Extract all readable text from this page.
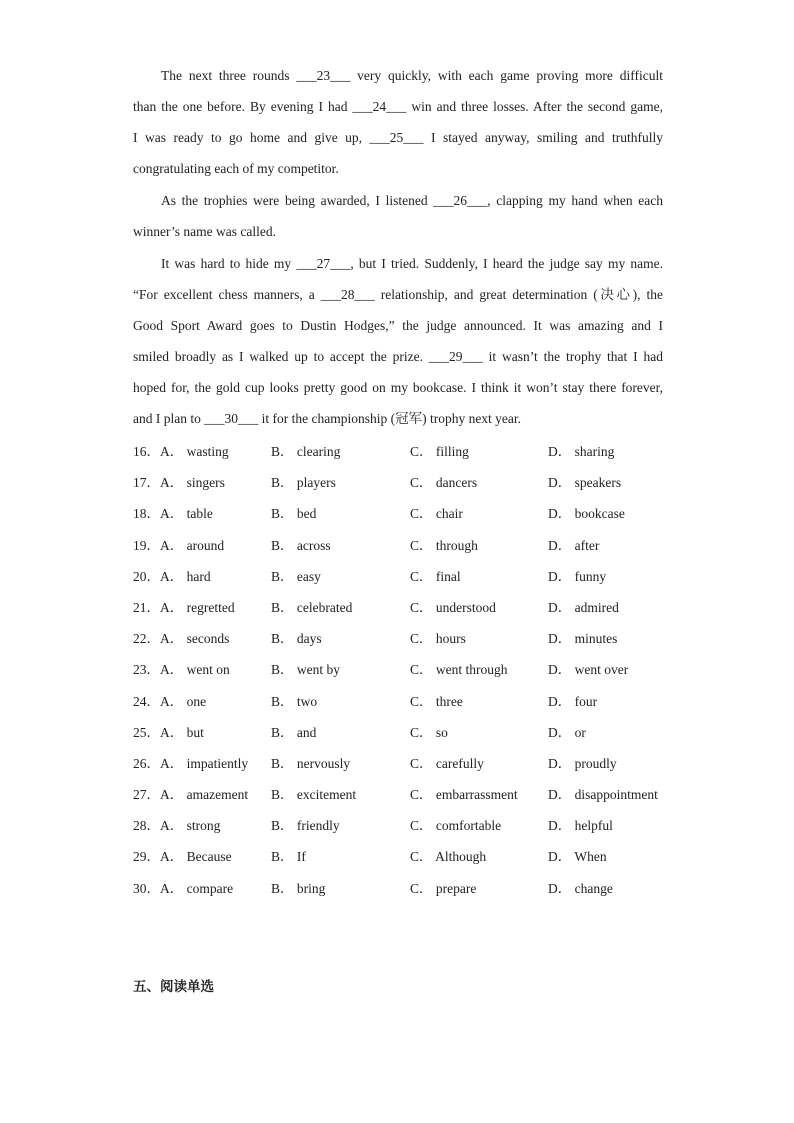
The next three rounds ___23___ very quickly, with each game proving more difficult
than the one before. By evening I had ___24___ win and three losses. After the second game,
I was ready to go home and give up, ___25___ I stayed anyway, smiling and truthfully
congratulating each of my competitor.
As the trophies were being awarded, I listened ___26___, clapping my hand when each
winner’s name was called.
It was hard to hide my ___27___, but I tried. Suddenly, I heard the judge say my name.
“For excellent chess manners, a ___28___ relationship, and great determination (决心), the
Good Sport Award goes to Dustin Hodges,” the judge announced. It was amazing and I
smiled broadly as I walked up to accept the prize. ___29___ it wasn’t the trophy that I had
hoped for, the gold cup looks pretty good on my bookcase. I think it won’t stay there forever,
and I plan to ___30___ it for the championship (冠军) trophy next year.
16． A． wasting	B． clearing	C． filling	D． sharing
17． A． singers	B． players	C． dancers	D． speakers
18． A． table	B． bed	C． chair	D． bookcase
19． A． around	B． across	C． through	D． after
20． A． hard	B． easy	C． final	D． funny
21． A． regretted	B． celebrated	C． understood	D． admired
22． A． seconds	B． days	C． hours	D． minutes
23． A． went on	B． went by	C． went through	D． went over
24． A． one	B． two	C． three	D． four
25． A． but	B． and	C． so	D． or
26． A． impatiently B． nervously	C． carefully	D． proudly
27． A． amazement B． excitement	C． embarrassment D． disappointment
28． A． strong	B． friendly	C． comfortable	D． helpful
29． A． Because	B． If	C． Although	D． When
30． A． compare	B． bring	C． prepare	D． change
五、阅读单选
